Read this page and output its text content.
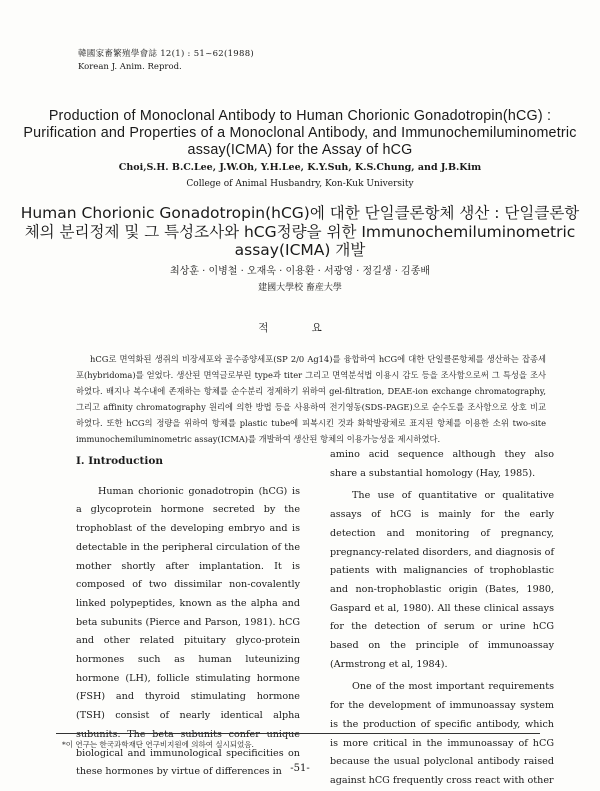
韓國家畜繁殖學會誌 12(1) : 51~62(1988)
Korean J. Anim. Reprod.
Production of Monoclonal Antibody to Human Chorionic Gonadotropin(hCG) : Purification and Properties of a Monoclonal Antibody, and Immunochemiluminometric assay(ICMA) for the Assay of hCG
Choi,S.H. B.C.Lee, J.W.Oh, Y.H.Lee, K.Y.Suh, K.S.Chung, and J.B.Kim
College of Animal Husbandry, Kon-Kuk University
Human Chorionic Gonadotropin(hCG)에 대한 단일클론항체 생산 : 단일클론항체의 분리정제 및 그 특성조사와 hCG정량을 위한 Immunochemiluminometric assay(ICMA) 개발
최상훈 · 이병철 · 오재욱 · 이용환 · 서광영 · 정길생 · 김종배
建國大學校 畜産大學
적 요
hCG로 면역화된 생쥐의 비장세포와 골수종양세포(SP 2/0 Ag14)를 융합하여 hCG에 대한 단일클론항체를 생산하는 잡종세포(hybridoma)를 얻었다. 생산된 면역글로부린 type과 titer 그리고 면역분석법 이용시 감도 등을 조사함으로써 그 특성을 조사하였다. 배지나 복수내에 존재하는 항체를 순수분리 정제하기 위하여 gel-filtration, DEAE-ion exchange chromatography, 그리고 affinity chromatography 원리에 의한 방법 등을 사용하여 전기영동(SDS-PAGE)으로 순수도를 조사함으로 상호 비교하였다. 또한 hCG의 정량을 위하여 항체를 plastic tube에 피복시킨 것과 화학발광체로 표지된 항체를 이용한 소위 two-site immunochemiluminometric assay(ICMA)를 개발하여 생산된 항체의 이용가능성을 제시하였다.
I. Introduction

Human chorionic gonadotropin (hCG) is a glycoprotein hormone secreted by the trophoblast of the developing embryo and is detectable in the peripheral circulation of the mother shortly after implantation. It is composed of two dissimilar non-covalently linked polypeptides, known as the alpha and beta subunits (Pierce and Parson, 1981). hCG and other related pituitary glyco-protein hormones such as human luteunizing hormone (LH), follicle stimulating hormone (FSH) and thyroid stimulating hormone (TSH) consist of nearly identical alpha subunits. The beta subunits confer unique biological and immunological specificities on these hormones by virtue of differences in

amino acid sequence although they also share a substantial homology (Hay, 1985).

The use of quantitative or qualitative assays of hCG is mainly for the early detection and monitoring of pregnancy, pregnancy-related disorders, and diagnosis of patients with malignancies of trophoblastic and non-trophoblastic origin (Bates, 1980, Gaspard et al, 1980). All these clinical assays for the detection of serum or urine hCG based on the principle of immunoassay (Armstrong et al, 1984).

One of the most important requirements for the development of immunoassay system is the production of specific antibody, which is more critical in the immunoassay of hCG because the usual polyclonal antibody raised against hCG frequently cross react with other

*이 연구는 한국과학재단 연구비지원에 의하여 실시되었음.
-51-
